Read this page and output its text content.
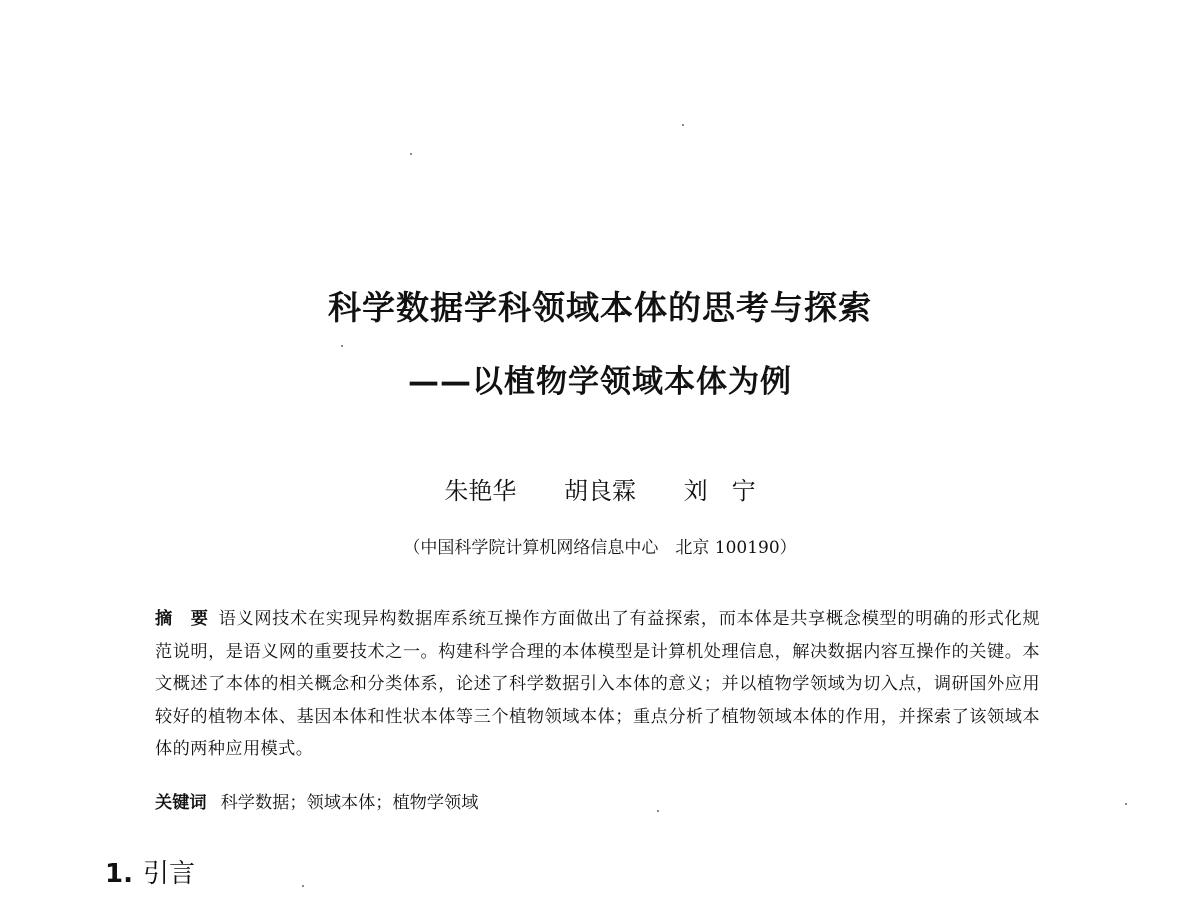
科学数据学科领域本体的思考与探索
——以植物学领域本体为例
朱艳华 胡良霖 刘　宁
（中国科学院计算机网络信息中心　北京 100190）
摘　要 语义网技术在实现异构数据库系统互操作方面做出了有益探索，而本体是共享概念模型的明确的形式化规范说明，是语义网的重要技术之一。构建科学合理的本体模型是计算机处理信息，解决数据内容互操作的关键。本文概述了本体的相关概念和分类体系，论述了科学数据引入本体的意义；并以植物学领域为切入点，调研国外应用较好的植物本体、基因本体和性状本体等三个植物领域本体；重点分析了植物领域本体的作用，并探索了该领域本体的两种应用模式。
关键词 科学数据；领域本体；植物学领域
1. 引言
